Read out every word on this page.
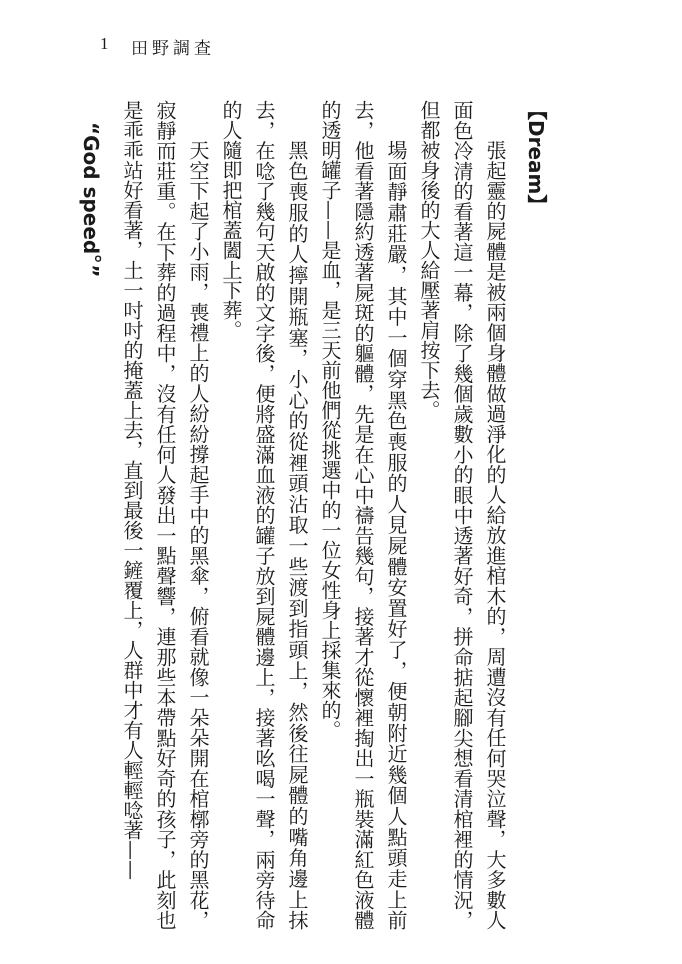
1 田野調查

【Dream】

張起靈的屍體是被兩個身體做過淨化的人給放進棺木的，周遭沒有任何哭泣聲，大多數人面色冷清的看著這一幕，除了幾個歲數小的眼中透著好奇，拼命掂起腳尖想看清棺裡的情況，但都被身後的大人給壓著肩按下去。

場面靜肅莊嚴，其中一個穿黑色喪服的人見屍體安置好了，便朝附近幾個人點頭走上前去，他看著隱約透著屍斑的軀體，先是在心中禱告幾句，接著才從懷裡掏出一瓶裝滿紅色液體的透明罐子——是血，是三天前他們從挑選中的一位女性身上採集來的。

黑色喪服的人擰開瓶塞，小心的從裡頭沾取一些渡到指頭上，然後往屍體的嘴角邊上抹去，在唸了幾句天啟的文字後，便將盛滿血液的罐子放到屍體邊上，接著吆喝一聲，兩旁待命的人隨即把棺蓋闔上下葬。

天空下起了小雨，喪禮上的人紛紛撐起手中的黑傘，俯看就像一朵朵開在棺槨旁的黑花，寂靜而莊重。在下葬的過程中，沒有任何人發出一點聲響，連那些本帶點好奇的孩子，此刻也是乖乖站好看著，土一吋吋的掩蓋上去，直到最後一鏟覆上，人群中才有人輕輕唸著——

“God speed。”
